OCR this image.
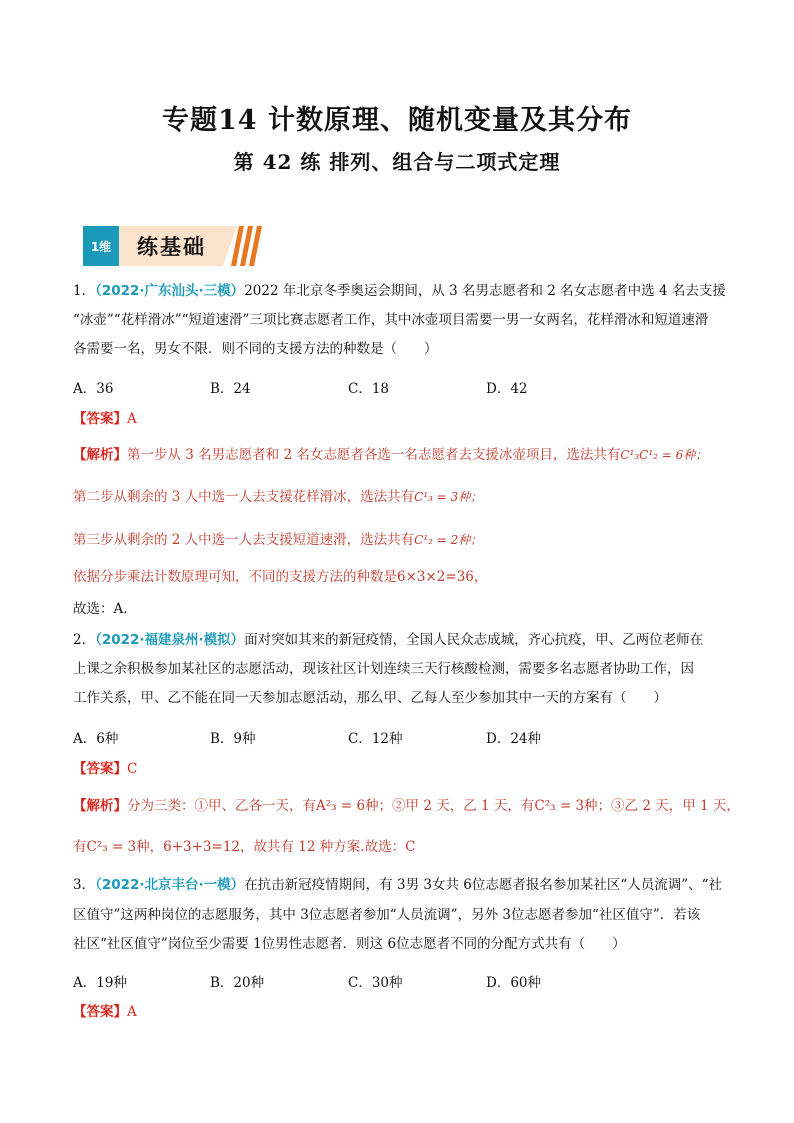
专题14 计数原理、随机变量及其分布
第 42 练 排列、组合与二项式定理
1维	练基础
1．（2022·广东汕头·三模）2022 年北京冬季奥运会期间，从 3 名男志愿者和 2 名女志愿者中选 4 名去支援
“冰壶”“花样滑冰”“短道速滑”三项比赛志愿者工作，其中冰壶项目需要一男一女两名，花样滑冰和短道速滑
各需要一名，男女不限．则不同的支援方法的种数是（　　）
A．36	B．24	C．18	D．42
【答案】A
【解析】第一步从 3 名男志愿者和 2 名女志愿者各选一名志愿者去支援冰壶项目，选法共有C¹₃C¹₂ = 6种；
第二步从剩余的 3 人中选一人去支援花样滑冰，选法共有C¹₃ = 3种；
第三步从剩余的 2 人中选一人去支援短道速滑，选法共有C¹₂ = 2种；
依据分步乘法计数原理可知，不同的支援方法的种数是6×3×2=36，
故选：A．
2．（2022·福建泉州·模拟）面对突如其来的新冠疫情，全国人民众志成城，齐心抗疫，甲、乙两位老师在
上课之余积极参加某社区的志愿活动，现该社区计划连续三天行核酸检测，需要多名志愿者协助工作，因
工作关系，甲、乙不能在同一天参加志愿活动，那么甲、乙每人至少参加其中一天的方案有（　　）
A．6种	B．9种	C．12种	D．24种
【答案】C
【解析】分为三类：①甲、乙各一天，有A²₃ = 6种；②甲 2 天，乙 1 天，有C²₃ = 3种；③乙 2 天，甲 1 天，
有C²₃ = 3种，6+3+3=12，故共有 12 种方案.故选：C
3．（2022·北京丰台·一模）在抗击新冠疫情期间，有 3男 3女共 6位志愿者报名参加某社区“人员流调”、“社
区值守”这两种岗位的志愿服务，其中 3位志愿者参加“人员流调”，另外 3位志愿者参加“社区值守”．若该
社区“社区值守”岗位至少需要 1位男性志愿者．则这 6位志愿者不同的分配方式共有（　　）
A．19种	B．20种	C．30种	D．60种
【答案】A
